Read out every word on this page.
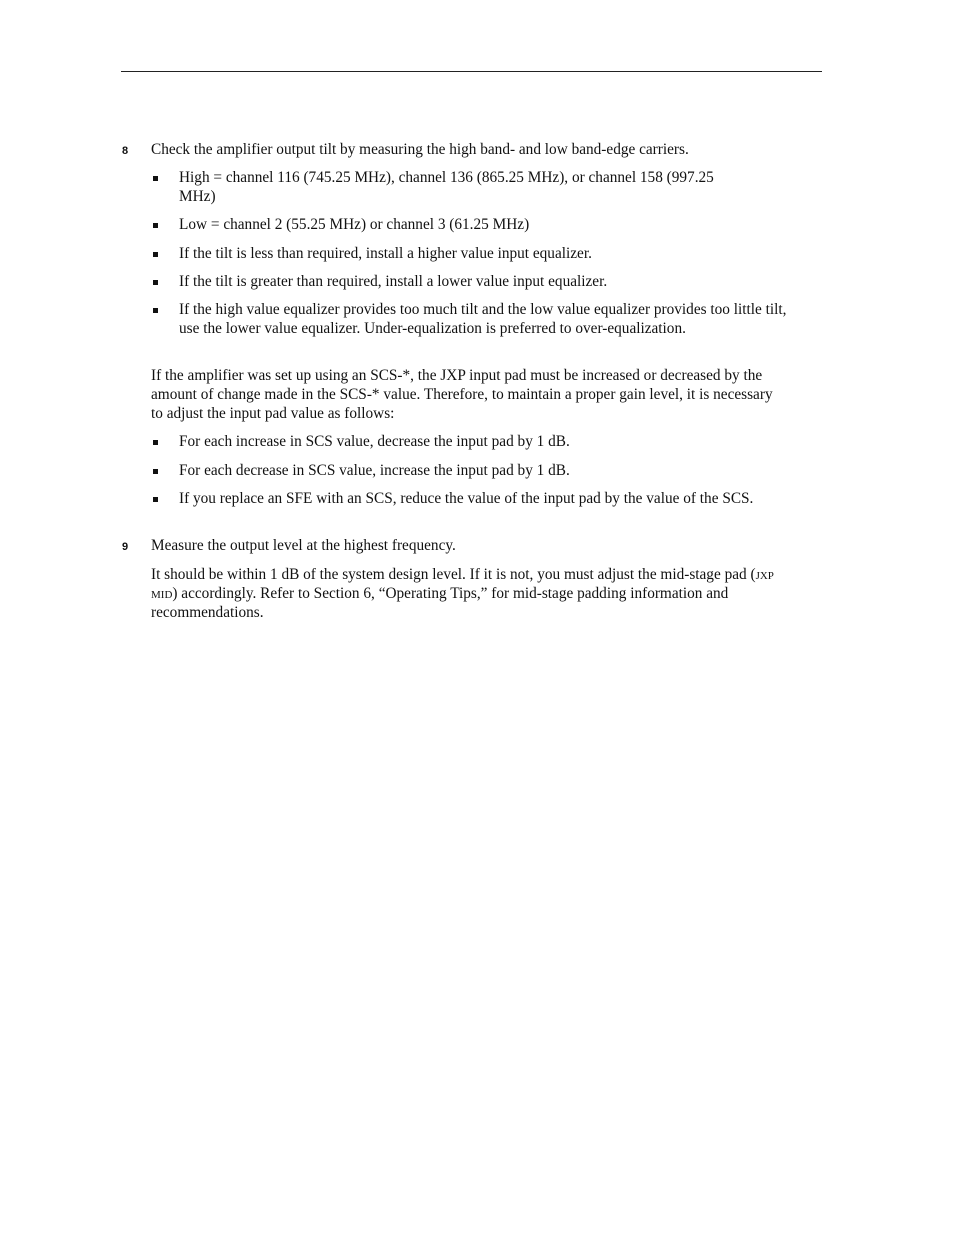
8 Check the amplifier output tilt by measuring the high band- and low band-edge carriers.

High = channel 116 (745.25 MHz), channel 136 (865.25 MHz), or channel 158 (997.25 MHz)
Low = channel 2 (55.25 MHz) or channel 3 (61.25 MHz)
If the tilt is less than required, install a higher value input equalizer.
If the tilt is greater than required, install a lower value input equalizer.
If the high value equalizer provides too much tilt and the low value equalizer provides too little tilt, use the lower value equalizer. Under-equalization is preferred to over-equalization.

If the amplifier was set up using an SCS-*, the JXP input pad must be increased or decreased by the amount of change made in the SCS-* value. Therefore, to maintain a proper gain level, it is necessary to adjust the input pad value as follows:

For each increase in SCS value, decrease the input pad by 1 dB.
For each decrease in SCS value, increase the input pad by 1 dB.
If you replace an SFE with an SCS, reduce the value of the input pad by the value of the SCS.
9 Measure the output level at the highest frequency.

It should be within 1 dB of the system design level. If it is not, you must adjust the mid-stage pad (jxp mid) accordingly. Refer to Section 6, “Operating Tips,” for mid-stage padding information and recommendations.
